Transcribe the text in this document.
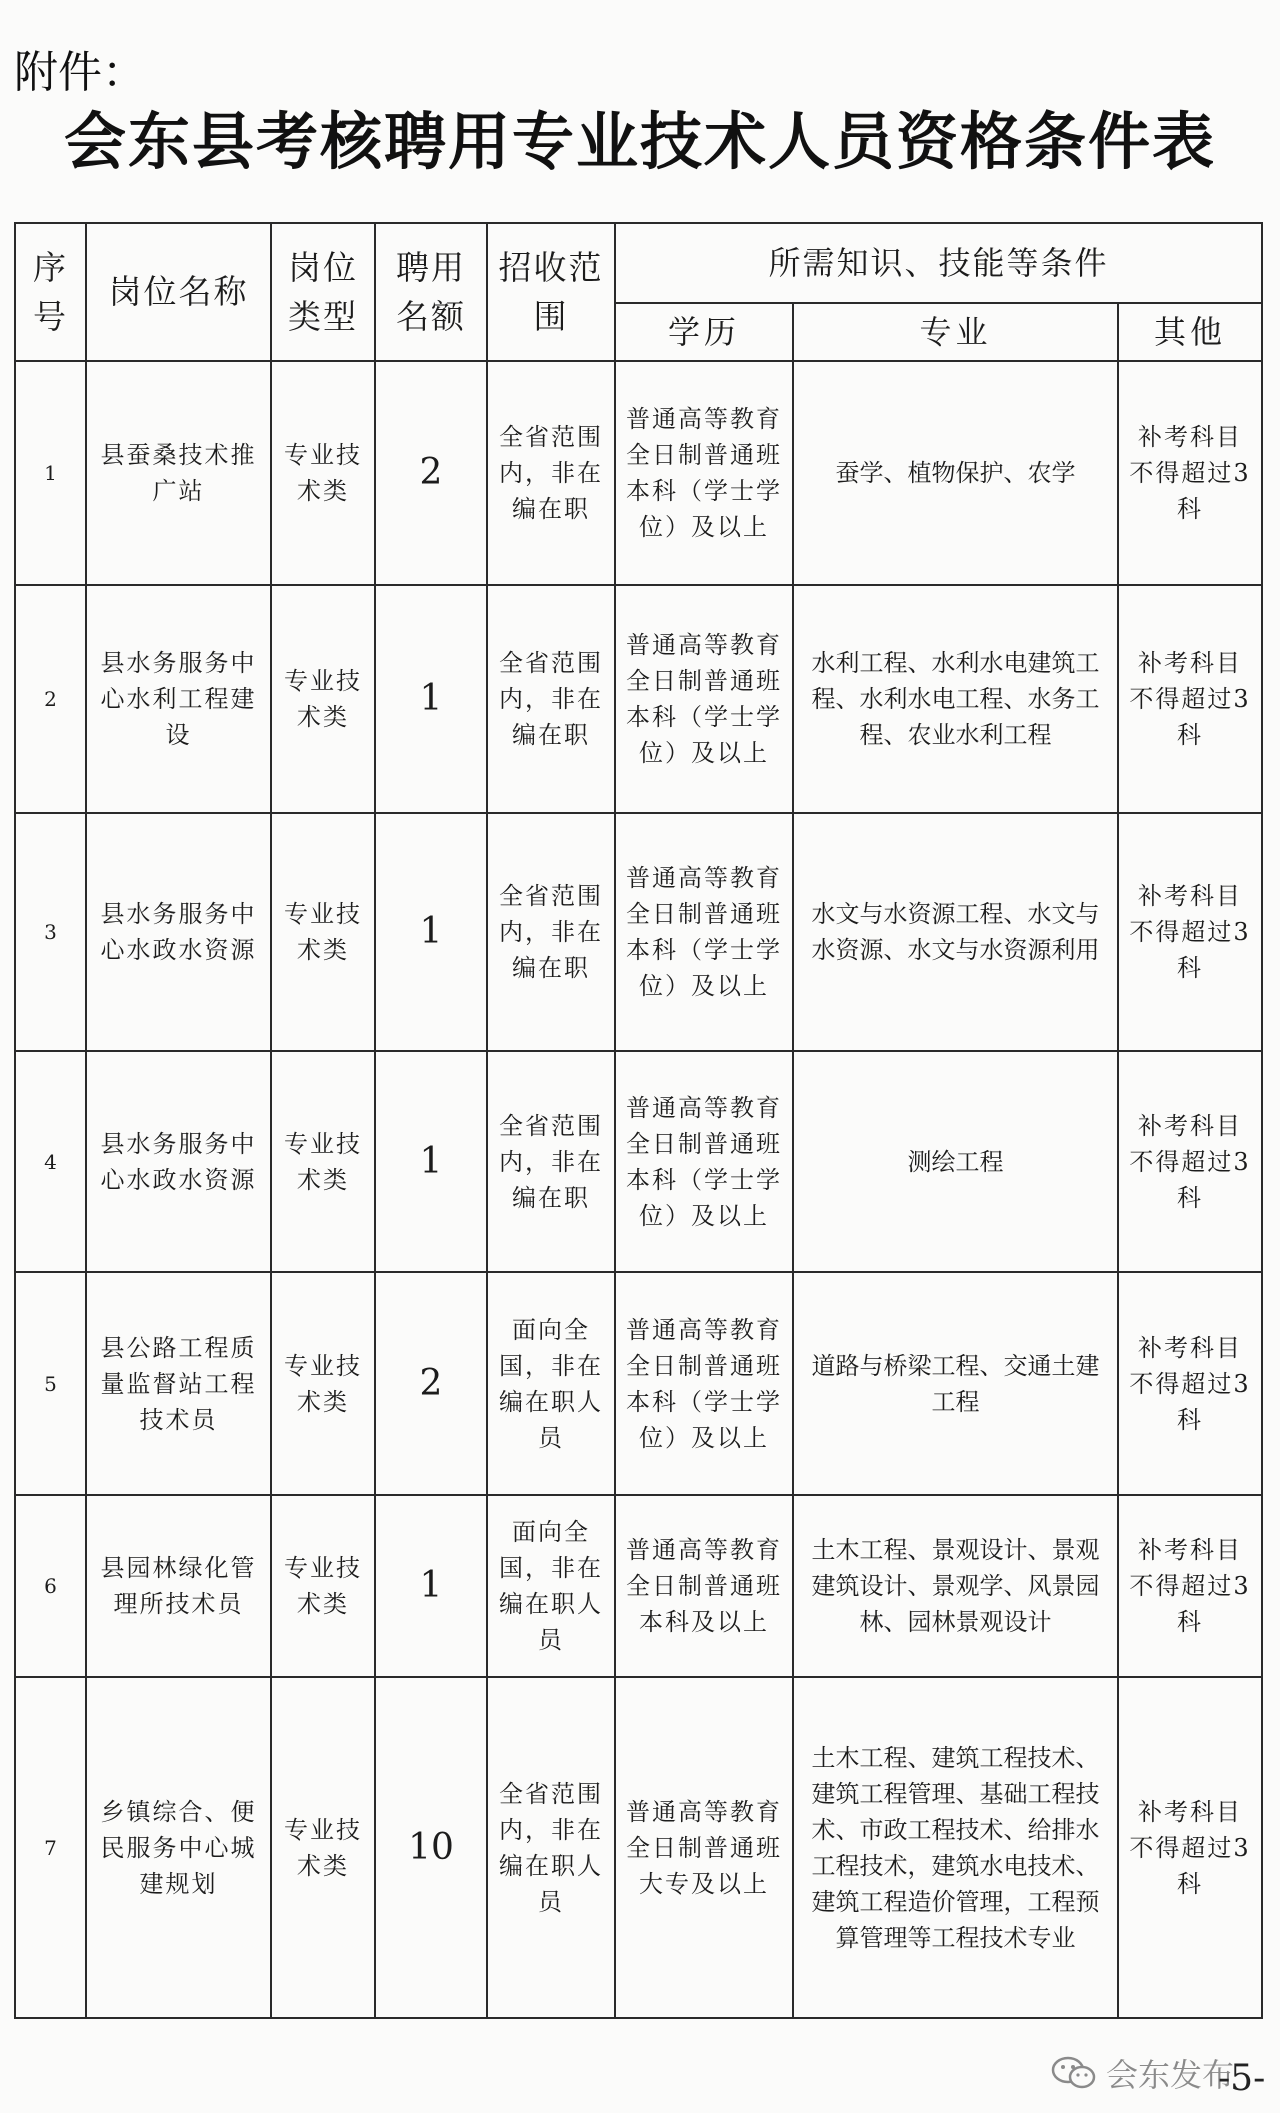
附件：
会东县考核聘用专业技术人员资格条件表
序号	岗位名称	岗位类型	聘用名额	招收范围	所需知识、技能等条件		
					学历	专业	其他
1	县蚕桑技术推广站	专业技术类	2	全省范围内，非在编在职	普通高等教育全日制普通班本科（学士学位）及以上	蚕学、植物保护、农学	补考科目不得超过3科
2	县水务服务中心水利工程建设	专业技术类	1	全省范围内，非在编在职	普通高等教育全日制普通班本科（学士学位）及以上	水利工程、水利水电建筑工程、水利水电工程、水务工程、农业水利工程	补考科目不得超过3科
3	县水务服务中心水政水资源	专业技术类	1	全省范围内，非在编在职	普通高等教育全日制普通班本科（学士学位）及以上	水文与水资源工程、水文与水资源、水文与水资源利用	补考科目不得超过3科
4	县水务服务中心水政水资源	专业技术类	1	全省范围内，非在编在职	普通高等教育全日制普通班本科（学士学位）及以上	测绘工程	补考科目不得超过3科
5	县公路工程质量监督站工程技术员	专业技术类	2	面向全国，非在编在职人员	普通高等教育全日制普通班本科（学士学位）及以上	道路与桥梁工程、交通土建工程	补考科目不得超过3科
6	县园林绿化管理所技术员	专业技术类	1	面向全国，非在编在职人员	普通高等教育全日制普通班本科及以上	土木工程、景观设计、景观建筑设计、景观学、风景园林、园林景观设计	补考科目不得超过3科
7	乡镇综合、便民服务中心城建规划	专业技术类	10	全省范围内，非在编在职人员	普通高等教育全日制普通班大专及以上	土木工程、建筑工程技术、建筑工程管理、基础工程技术、市政工程技术、给排水工程技术，建筑水电技术、建筑工程造价管理，工程预算管理等工程技术专业	补考科目不得超过3科
会东发布
-5-
